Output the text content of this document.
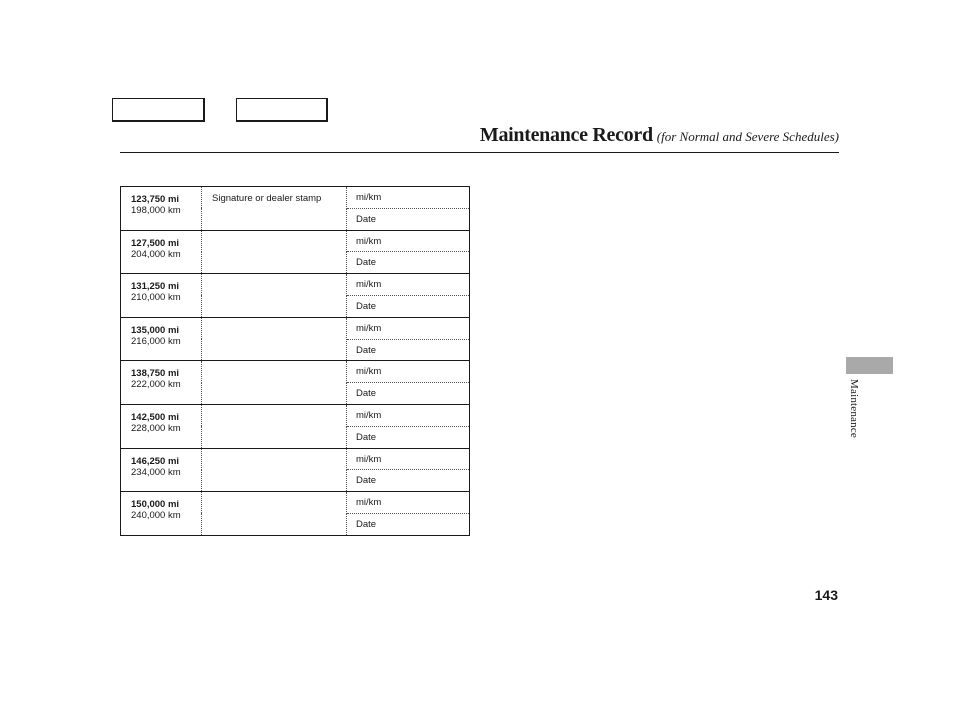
Maintenance Record (for Normal and Severe Schedules)
123,750 mi
198,000 km	Signature or dealer stamp	mi/km
		Date

127,500 mi
204,000 km		mi/km
		Date

131,250 mi
210,000 km		mi/km
		Date

135,000 mi
216,000 km		mi/km
		Date

138,750 mi
222,000 km		mi/km
		Date

142,500 mi
228,000 km		mi/km
		Date

146,250 mi
234,000 km		mi/km
		Date

150,000 mi
240,000 km		mi/km
		Date
Maintenance
143
